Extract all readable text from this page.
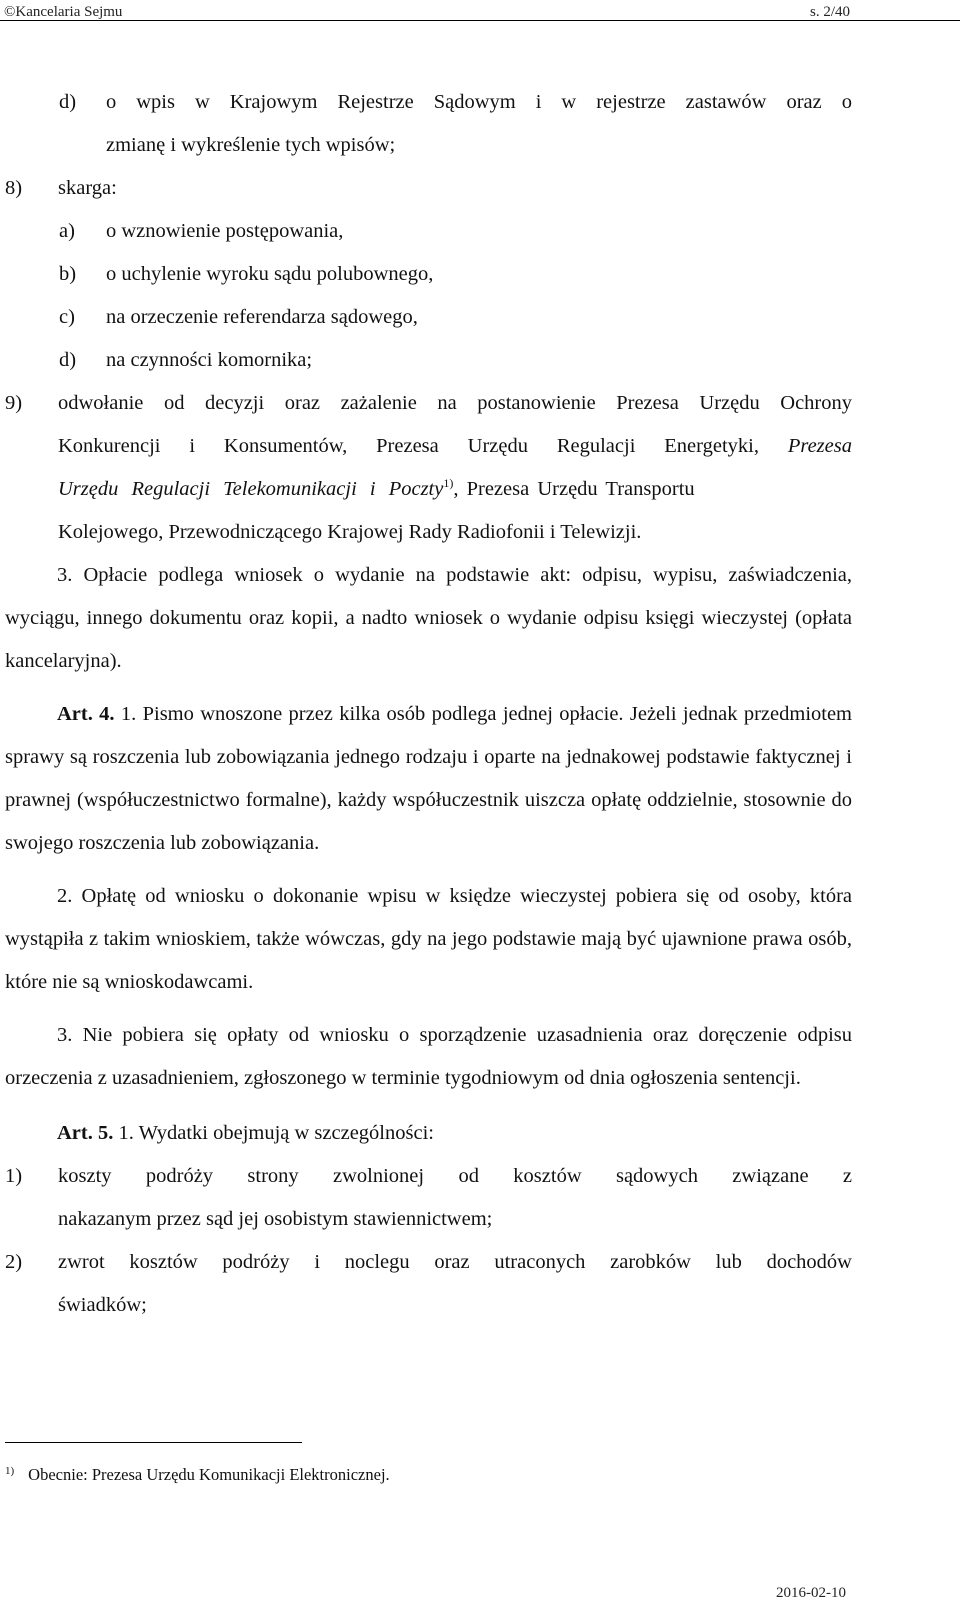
©Kancelaria Sejmu	s. 2/40
d) o wpis w Krajowym Rejestrze Sądowym i w rejestrze zastawów oraz o
zmianę i wykreślenie tych wpisów;
8) skarga:
a) o wznowienie postępowania,
b) o uchylenie wyroku sądu polubownego,
c) na orzeczenie referendarza sądowego,
d) na czynności komornika;
9) odwołanie od decyzji oraz zażalenie na postanowienie Prezesa Urzędu Ochrony
Konkurencji i Konsumentów, Prezesa Urzędu Regulacji Energetyki, Prezesa
Urzędu Regulacji Telekomunikacji i Poczty$^{1)}$, Prezesa Urzędu Transportu
Kolejowego, Przewodniczącego Krajowej Rady Radiofonii i Telewizji.

3. Opłacie podlega wniosek o wydanie na podstawie akt: odpisu, wypisu, zaświadczenia, wyciągu, innego dokumentu oraz kopii, a nadto wniosek o wydanie odpisu księgi wieczystej (opłata kancelaryjna).

Art. 4. 1. Pismo wnoszone przez kilka osób podlega jednej opłacie. Jeżeli jednak przedmiotem sprawy są roszczenia lub zobowiązania jednego rodzaju i oparte na jednakowej podstawie faktycznej i prawnej (współuczestnictwo formalne), każdy współuczestnik uiszcza opłatę oddzielnie, stosownie do swojego roszczenia lub zobowiązania.

2. Opłatę od wniosku o dokonanie wpisu w księdze wieczystej pobiera się od osoby, która wystąpiła z takim wnioskiem, także wówczas, gdy na jego podstawie mają być ujawnione prawa osób, które nie są wnioskodawcami.

3. Nie pobiera się opłaty od wniosku o sporządzenie uzasadnienia oraz doręczenie odpisu orzeczenia z uzasadnieniem, zgłoszonego w terminie tygodniowym od dnia ogłoszenia sentencji.

Art. 5. 1. Wydatki obejmują w szczególności:
1) koszty podróży strony zwolnionej od kosztów sądowych związane z
nakazanym przez sąd jej osobistym stawiennictwem;
2) zwrot kosztów podróży i noclegu oraz utraconych zarobków lub dochodów
świadków;
$^{1)}$ Obecnie: Prezesa Urzędu Komunikacji Elektronicznej.
2016-02-10
